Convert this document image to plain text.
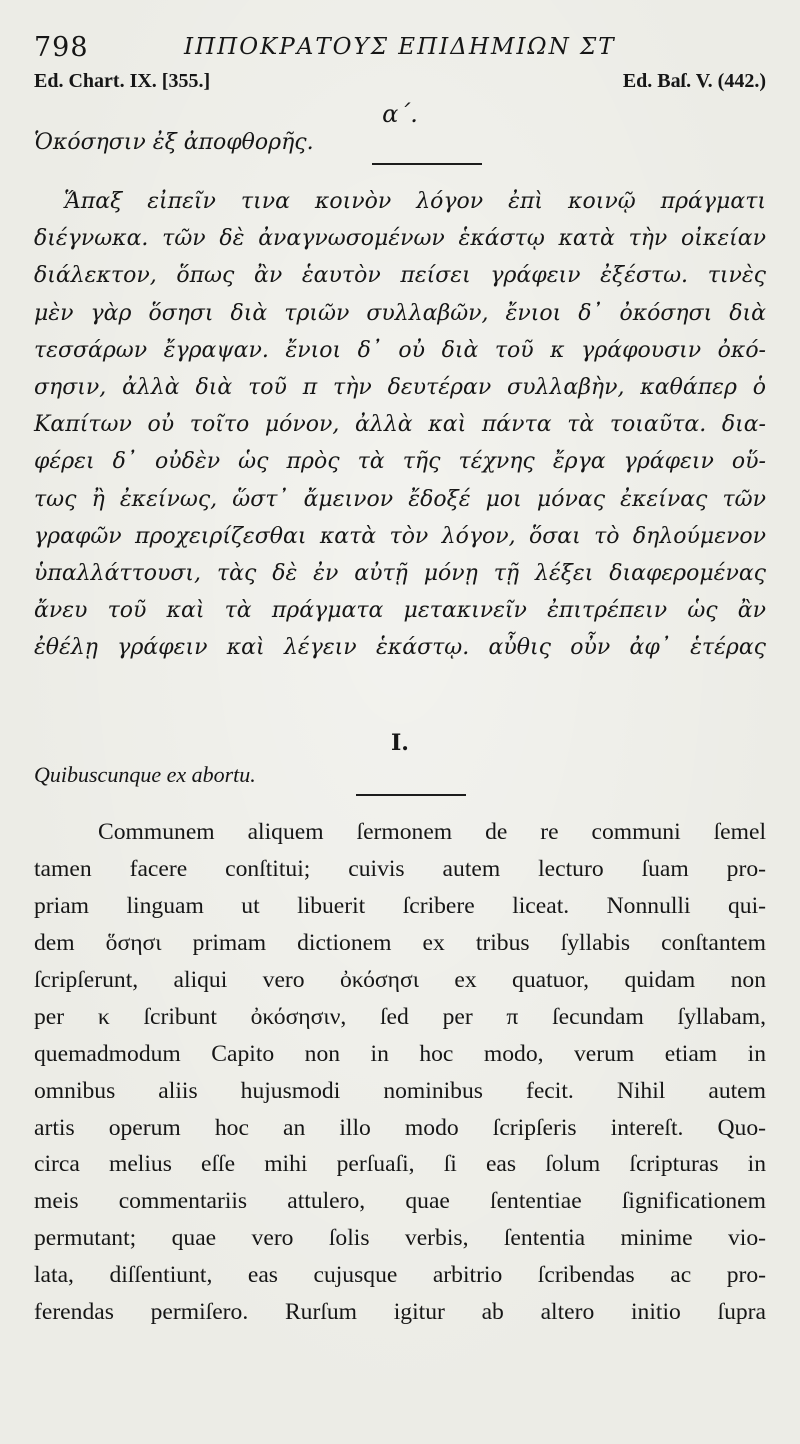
798	ΙΠΠΟΚΡΑΤΟΥΣ ΕΠΙΔΗΜΙΩΝ ΣΤ
Ed. Chart. IX. [355.]	Ed. Baſ. V. (442.)
α΄.
Ὁκόσησιν ἐξ ἀποφθορῆς.
Ἅπαξ εἰπεῖν τινα κοινὸν λόγον ἐπὶ κοινῷ πράγματι
διέγνωκα. τῶν δὲ ἀναγνωσομένων ἑκάστῳ κατὰ τὴν οἰκείαν
διάλεκτον, ὅπως ἂν ἑαυτὸν πείσει γράφειν ἐξέστω. τινὲς
μὲν γὰρ ὅσησι διὰ τριῶν συλλαβῶν, ἔνιοι δ᾽ ὀκόσησι διὰ
τεσσάρων ἔγραψαν. ἔνιοι δ᾽ οὐ διὰ τοῦ κ γράφουσιν ὀκό-
σησιν, ἀλλὰ διὰ τοῦ π τὴν δευτέραν συλλαβὴν, καθάπερ ὁ
Καπίτων οὐ τοῖτο μόνον, ἀλλὰ καὶ πάντα τὰ τοιαῦτα. δια-
φέρει δ᾽ οὐδὲν ὡς πρὸς τὰ τῆς τέχνης ἔργα γράφειν οὕ-
τως ἢ ἐκείνως, ὥστ᾽ ἄμεινον ἔδοξέ μοι μόνας ἐκείνας τῶν
γραφῶν προχειρίζεσθαι κατὰ τὸν λόγον, ὅσαι τὸ δηλούμενον
ὑπαλλάττουσι, τὰς δὲ ἐν αὐτῇ μόνῃ τῇ λέξει διαφερομένας
ἄνευ τοῦ καὶ τὰ πράγματα μετακινεῖν ἐπιτρέπειν ὡς ἂν
ἐθέλῃ γράφειν καὶ λέγειν ἑκάστῳ. αὖθις οὖν ἀφ᾽ ἑτέρας
I.
Quibuscunque ex abortu.
Communem aliquem ſermonem de re communi ſemel
tamen facere conſtitui; cuivis autem lecturo ſuam pro-
priam linguam ut libuerit ſcribere liceat. Nonnulli qui-
dem ὅσησι primam dictionem ex tribus ſyllabis conſtantem
ſcripſerunt, aliqui vero ὀκόσησι ex quatuor, quidam non
per κ ſcribunt ὀκόσησιν, ſed per π ſecundam ſyllabam,
quemadmodum Capito non in hoc modo, verum etiam in
omnibus aliis hujusmodi nominibus fecit. Nihil autem
artis operum hoc an illo modo ſcripſeris intereſt. Quo-
circa melius eſſe mihi perſuaſi, ſi eas ſolum ſcripturas in
meis commentariis attulero, quae ſententiae ſignificationem
permutant; quae vero ſolis verbis, ſententia minime vio-
lata, diſſentiunt, eas cujusque arbitrio ſcribendas ac pro-
ferendas permiſero. Rurſum igitur ab altero initio ſupra
